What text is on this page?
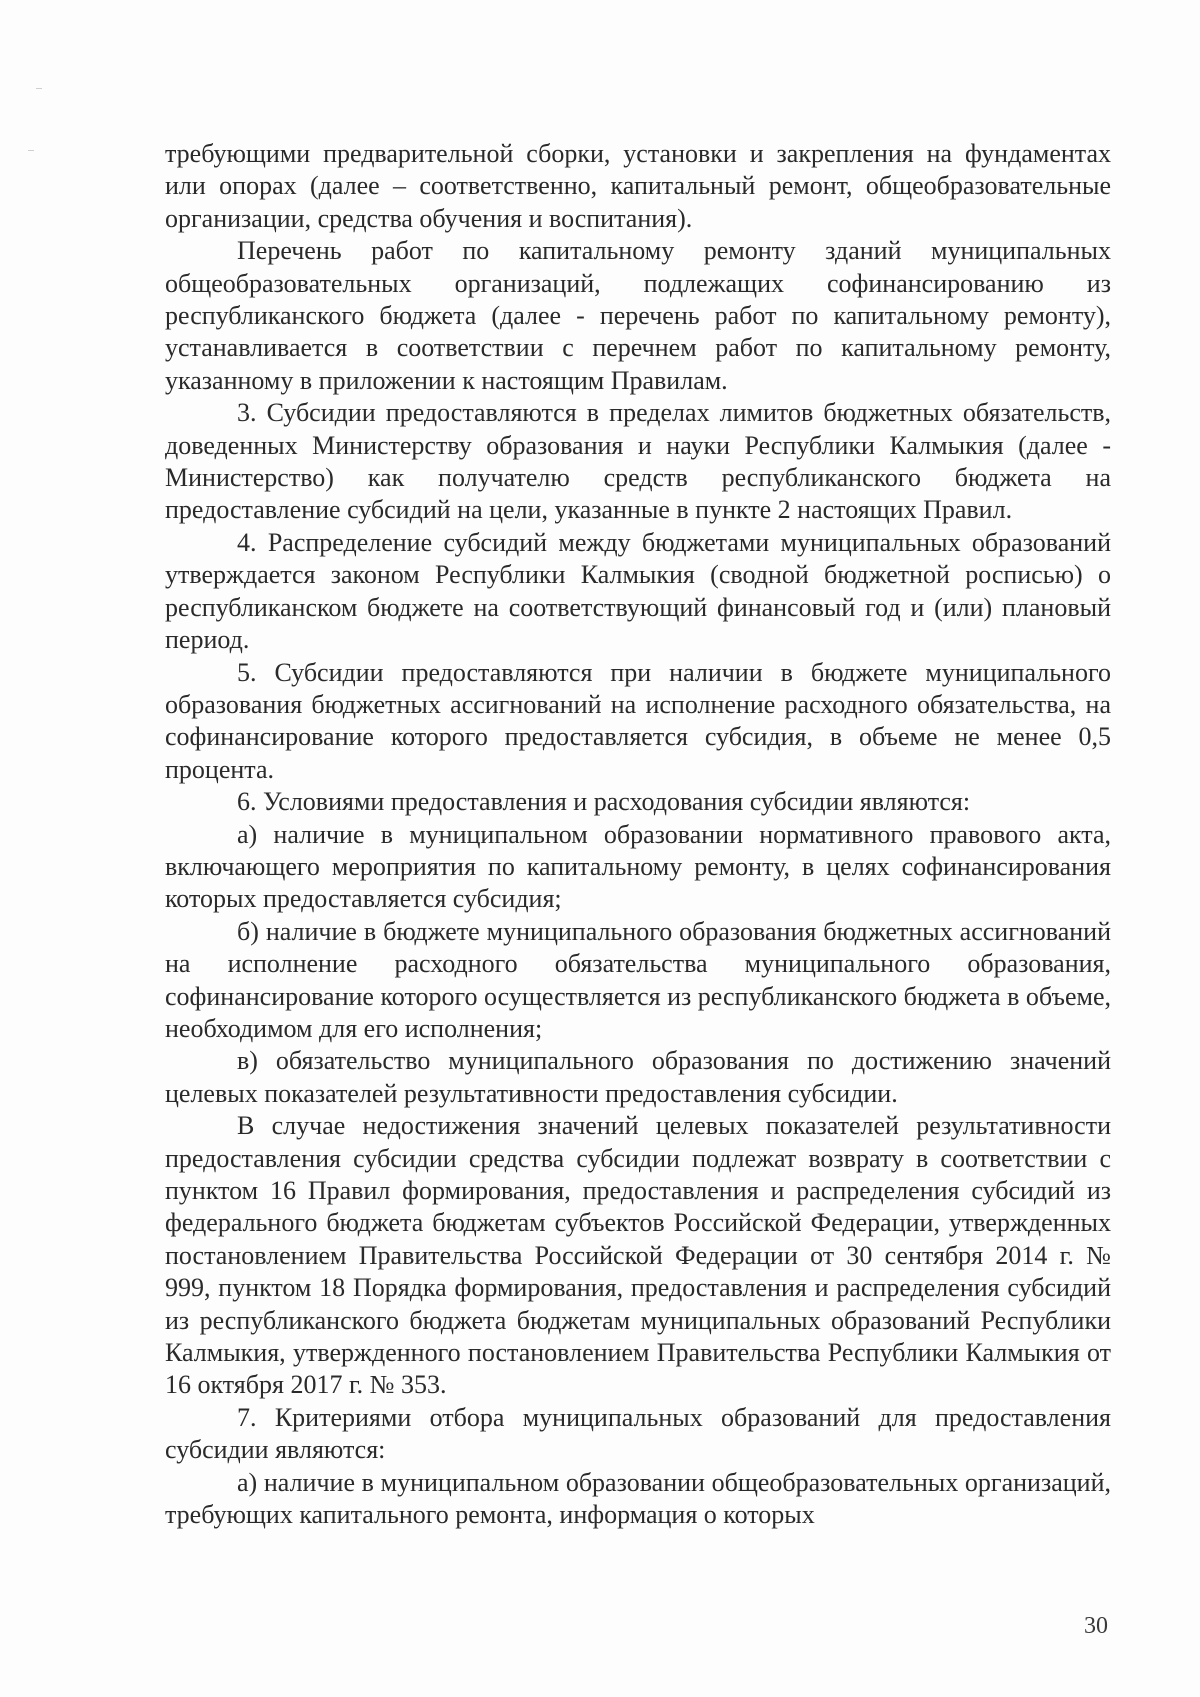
требующими предварительной сборки, установки и закрепления на фундаментах или опорах (далее – соответственно, капитальный ремонт, общеобразовательные организации, средства обучения и воспитания).

Перечень работ по капитальному ремонту зданий муниципальных общеобразовательных организаций, подлежащих софинансированию из республиканского бюджета (далее - перечень работ по капитальному ремонту), устанавливается в соответствии с перечнем работ по капитальному ремонту, указанному в приложении к настоящим Правилам.

3. Субсидии предоставляются в пределах лимитов бюджетных обязательств, доведенных Министерству образования и науки Республики Калмыкия (далее - Министерство) как получателю средств республиканского бюджета на предоставление субсидий на цели, указанные в пункте 2 настоящих Правил.

4. Распределение субсидий между бюджетами муниципальных образований утверждается законом Республики Калмыкия (сводной бюджетной росписью) о республиканском бюджете на соответствующий финансовый год и (или) плановый период.

5. Субсидии предоставляются при наличии в бюджете муниципального образования бюджетных ассигнований на исполнение расходного обязательства, на софинансирование которого предоставляется субсидия, в объеме не менее 0,5 процента.

6. Условиями предоставления и расходования субсидии являются:

а) наличие в муниципальном образовании нормативного правового акта, включающего мероприятия по капитальному ремонту, в целях софинансирования которых предоставляется субсидия;

б) наличие в бюджете муниципального образования бюджетных ассигнований на исполнение расходного обязательства муниципального образования, софинансирование которого осуществляется из республиканского бюджета в объеме, необходимом для его исполнения;

в) обязательство муниципального образования по достижению значений целевых показателей результативности предоставления субсидии.

В случае недостижения значений целевых показателей результативности предоставления субсидии средства субсидии подлежат возврату в соответствии с пунктом 16 Правил формирования, предоставления и распределения субсидий из федерального бюджета бюджетам субъектов Российской Федерации, утвержденных постановлением Правительства Российской Федерации от 30 сентября 2014 г. № 999, пунктом 18 Порядка формирования, предоставления и распределения субсидий из республиканского бюджета бюджетам муниципальных образований Республики Калмыкия, утвержденного постановлением Правительства Республики Калмыкия от 16 октября 2017 г. № 353.

7. Критериями отбора муниципальных образований для предоставления субсидии являются:

а) наличие в муниципальном образовании общеобразовательных организаций, требующих капитального ремонта, информация о которых

30
